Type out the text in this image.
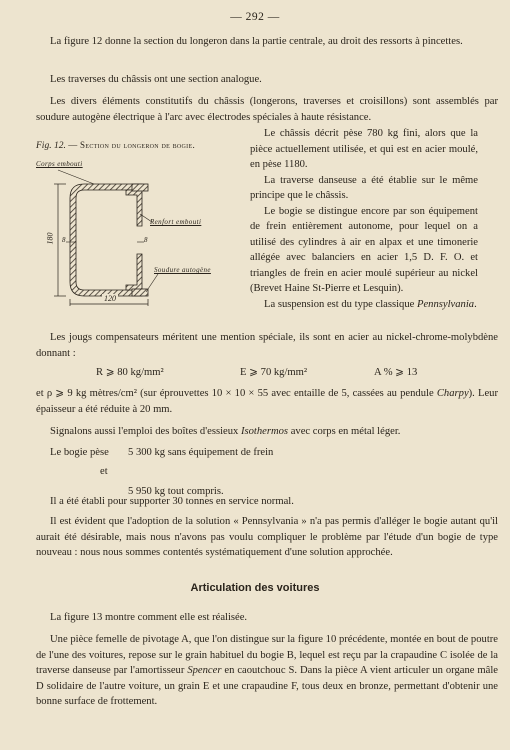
— 292 —
La figure 12 donne la section du longeron dans la partie centrale, au droit des ressorts à pincettes.
Les traverses du châssis ont une section analogue.
Les divers éléments constitutifs du châssis (longerons, traverses et croisillons) sont assemblés par soudure autogène électrique à l'arc avec électrodes spéciales à haute résistance.
Fig. 12. — Section du longeron de bogie.
Corps embouti
Renfort embouti
Soudure autogène
180
120
8	8

Le châssis décrit pèse 780 kg fini, alors que la pièce actuellement utilisée, et qui est en acier moulé, en pèse 1180.

La traverse danseuse a été établie sur le même principe que le châssis.

Le bogie se distingue encore par son équipement de frein entièrement autonome, pour lequel on a utilisé des cylindres à air en alpax et une timonerie allégée avec balanciers en acier 1,5 D. F. O. et triangles de frein en acier moulé supérieur au nickel (Brevet Haine St-Pierre et Lesquin).

La suspension est du type classique Pennsylvania.

Les jougs compensateurs méritent une mention spéciale, ils sont en acier au nickel-chrome-molybdène donnant :
R ⩾ 80 kg/mm²	E ⩾ 70 kg/mm²	A % ⩾ 13
et ρ ⩾ 9 kg mètres/cm² (sur éprouvettes 10 × 10 × 55 avec entaille de 5, cassées au pendule Charpy). Leur épaisseur a été réduite à 20 mm.
Signalons aussi l'emploi des boîtes d'essieux Isothermos avec corps en métal léger.
Le bogie pèse 5 300 kg sans équipement de frein
et
5 950 kg tout compris.
Il a été établi pour supporter 30 tonnes en service normal.
Il est évident que l'adoption de la solution « Pennsylvania » n'a pas permis d'alléger le bogie autant qu'il aurait été désirable, mais nous n'avons pas voulu compliquer le problème par l'étude d'un bogie de type nouveau : nous nous sommes contentés systématiquement d'une solution approchée.
Articulation des voitures
La figure 13 montre comment elle est réalisée.
Une pièce femelle de pivotage A, que l'on distingue sur la figure 10 précédente, montée en bout de poutre de l'une des voitures, repose sur le grain habituel du bogie B, lequel est reçu par la crapaudine C isolée de la traverse danseuse par l'amortisseur Spencer en caoutchouc S. Dans la pièce A vient articuler un organe mâle D solidaire de l'autre voiture, un grain E et une crapaudine F, tous deux en bronze, permettant d'obtenir une bonne surface de frottement.
